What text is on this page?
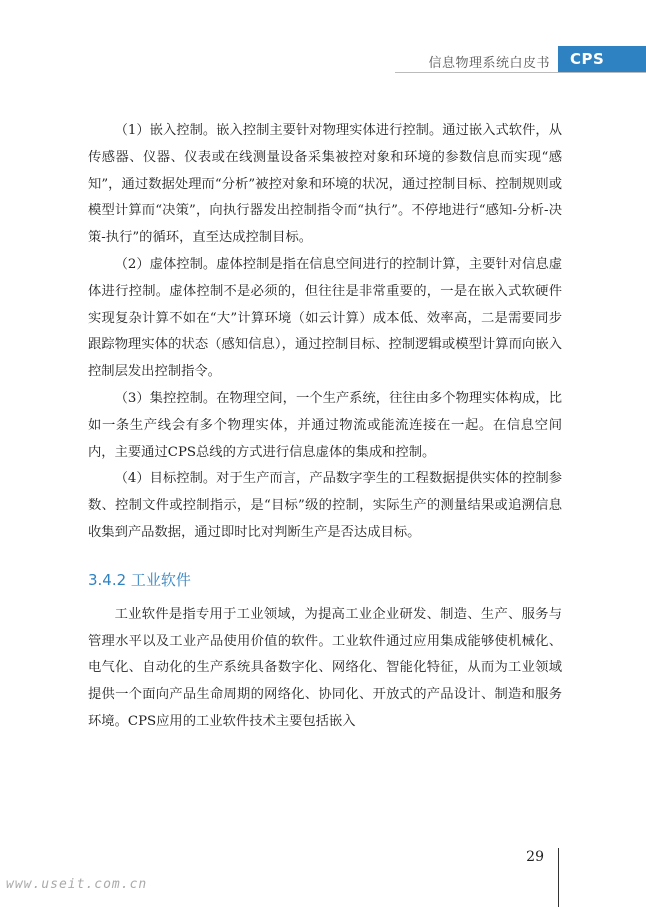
信息物理系统白皮书	CPS

（1）嵌入控制。嵌入控制主要针对物理实体进行控制。通过嵌入式软件，从传感器、仪器、仪表或在线测量设备采集被控对象和环境的参数信息而实现“感知”，通过数据处理而“分析”被控对象和环境的状况，通过控制目标、控制规则或模型计算而“决策”，向执行器发出控制指令而“执行”。不停地进行“感知-分析-决策-执行”的循环，直至达成控制目标。

（2）虚体控制。虚体控制是指在信息空间进行的控制计算，主要针对信息虚体进行控制。虚体控制不是必须的，但往往是非常重要的，一是在嵌入式软硬件实现复杂计算不如在“大”计算环境（如云计算）成本低、效率高，二是需要同步跟踪物理实体的状态（感知信息），通过控制目标、控制逻辑或模型计算而向嵌入控制层发出控制指令。

（3）集控控制。在物理空间，一个生产系统，往往由多个物理实体构成，比如一条生产线会有多个物理实体，并通过物流或能流连接在一起。在信息空间内，主要通过CPS总线的方式进行信息虚体的集成和控制。

（4）目标控制。对于生产而言，产品数字孪生的工程数据提供实体的控制参数、控制文件或控制指示，是“目标”级的控制，实际生产的测量结果或追溯信息收集到产品数据，通过即时比对判断生产是否达成目标。

3.4.2 工业软件

工业软件是指专用于工业领域，为提高工业企业研发、制造、生产、服务与管理水平以及工业产品使用价值的软件。工业软件通过应用集成能够使机械化、电气化、自动化的生产系统具备数字化、网络化、智能化特征，从而为工业领域提供一个面向产品生命周期的网络化、协同化、开放式的产品设计、制造和服务环境。CPS应用的工业软件技术主要包括嵌入

29
www.useit.com.cn
